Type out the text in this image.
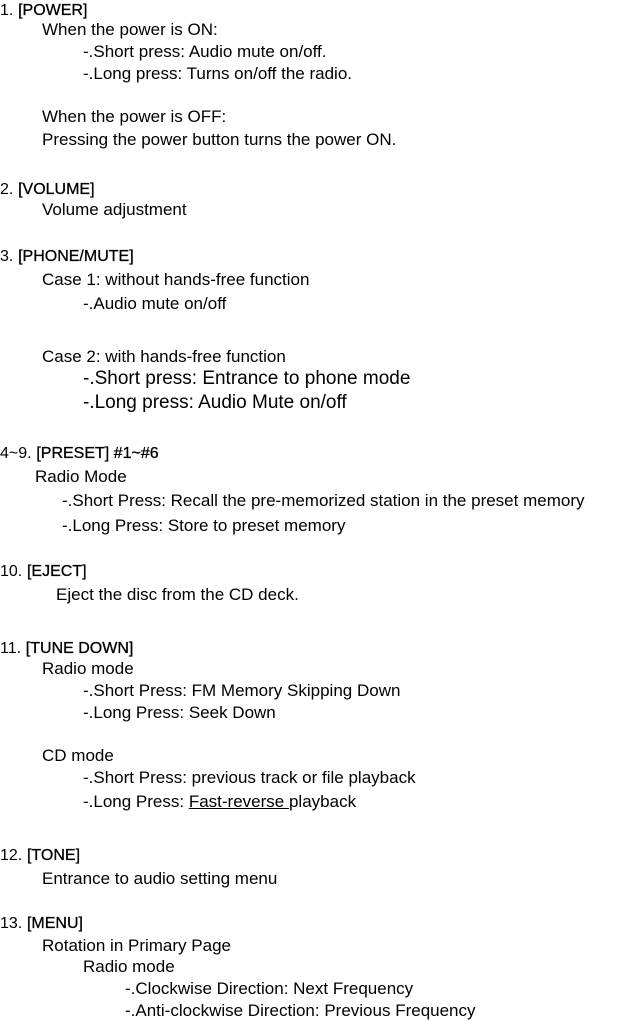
1. [POWER]
When the power is ON:
-.Short press: Audio mute on/off.
-.Long press: Turns on/off the radio.
When the power is OFF:
Pressing the power button turns the power ON.
2. [VOLUME]
Volume adjustment
3. [PHONE/MUTE]
Case 1: without hands-free function
-.Audio mute on/off
Case 2: with hands-free function
-.Short press: Entrance to phone mode
-.Long press: Audio Mute on/off
4~9. [PRESET] #1~#6
Radio Mode
-.Short Press: Recall the pre-memorized station in the preset memory
-.Long Press: Store to preset memory
10. [EJECT]
Eject the disc from the CD deck.
11. [TUNE DOWN]
Radio mode
-.Short Press: FM Memory Skipping Down
-.Long Press: Seek Down
CD mode
-.Short Press: previous track or file playback
-.Long Press: Fast-reverse playback
12. [TONE]
Entrance to audio setting menu
13. [MENU]
Rotation in Primary Page
Radio mode
-.Clockwise Direction: Next Frequency
-.Anti-clockwise Direction: Previous Frequency
